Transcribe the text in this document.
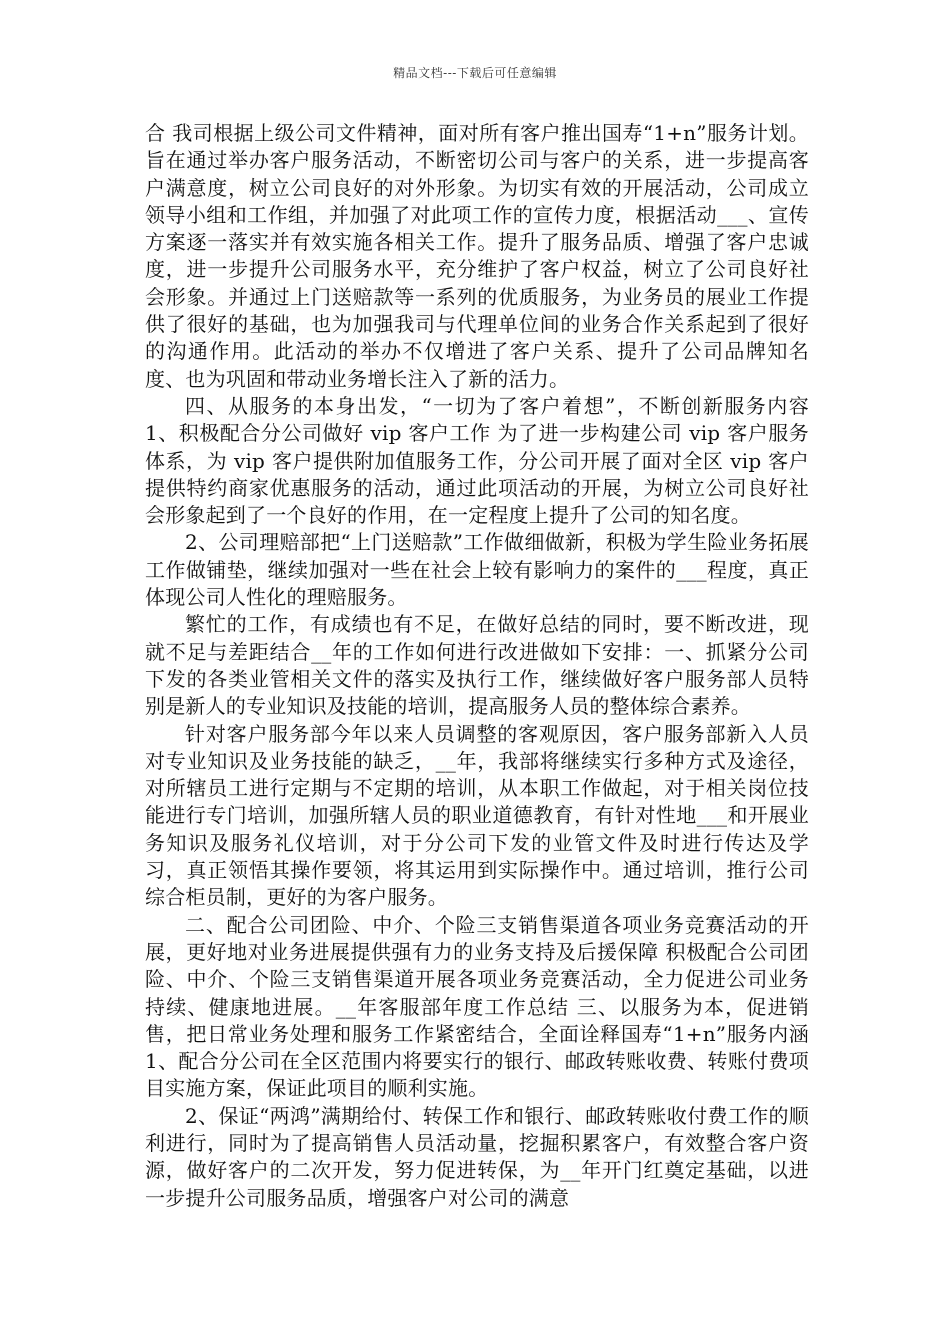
精品文档---下载后可任意编辑

合 我司根据上级公司文件精神，面对所有客户推出国寿“1+n”服务计划。旨在通过举办客户服务活动，不断密切公司与客户的关系，进一步提高客户满意度，树立公司良好的对外形象。为切实有效的开展活动，公司成立领导小组和工作组，并加强了对此项工作的宣传力度，根据活动___、宣传方案逐一落实并有效实施各相关工作。提升了服务品质、增强了客户忠诚度，进一步提升公司服务水平，充分维护了客户权益，树立了公司良好社会形象。并通过上门送赔款等一系列的优质服务，为业务员的展业工作提供了很好的基础，也为加强我司与代理单位间的业务合作关系起到了很好的沟通作用。此活动的举办不仅增进了客户关系、提升了公司品牌知名度、也为巩固和带动业务增长注入了新的活力。

四、从服务的本身出发，“一切为了客户着想”，不断创新服务内容 1、积极配合分公司做好 vip 客户工作 为了进一步构建公司 vip 客户服务体系，为 vip 客户提供附加值服务工作，分公司开展了面对全区 vip 客户提供特约商家优惠服务的活动，通过此项活动的开展，为树立公司良好社会形象起到了一个良好的作用，在一定程度上提升了公司的知名度。

2、公司理赔部把“上门送赔款”工作做细做新，积极为学生险业务拓展工作做铺垫，继续加强对一些在社会上较有影响力的案件的___程度，真正体现公司人性化的理赔服务。

繁忙的工作，有成绩也有不足，在做好总结的同时，要不断改进，现就不足与差距结合__年的工作如何进行改进做如下安排：一、抓紧分公司下发的各类业管相关文件的落实及执行工作，继续做好客户服务部人员特别是新人的专业知识及技能的培训，提高服务人员的整体综合素养。

针对客户服务部今年以来人员调整的客观原因，客户服务部新入人员对专业知识及业务技能的缺乏，__年，我部将继续实行多种方式及途径，对所辖员工进行定期与不定期的培训，从本职工作做起，对于相关岗位技能进行专门培训，加强所辖人员的职业道德教育，有针对性地___和开展业务知识及服务礼仪培训，对于分公司下发的业管文件及时进行传达及学习，真正领悟其操作要领，将其运用到实际操作中。通过培训，推行公司综合柜员制，更好的为客户服务。

二、配合公司团险、中介、个险三支销售渠道各项业务竞赛活动的开展，更好地对业务进展提供强有力的业务支持及后援保障 积极配合公司团险、中介、个险三支销售渠道开展各项业务竞赛活动，全力促进公司业务持续、健康地进展。__年客服部年度工作总结 三、以服务为本，促进销售，把日常业务处理和服务工作紧密结合，全面诠释国寿“1+n”服务内涵 1、配合分公司在全区范围内将要实行的银行、邮政转账收费、转账付费项目实施方案，保证此项目的顺利实施。

2、保证“两鸿”满期给付、转保工作和银行、邮政转账收付费工作的顺利进行，同时为了提高销售人员活动量，挖掘积累客户，有效整合客户资源，做好客户的二次开发，努力促进转保，为__年开门红奠定基础，以进一步提升公司服务品质，增强客户对公司的满意
